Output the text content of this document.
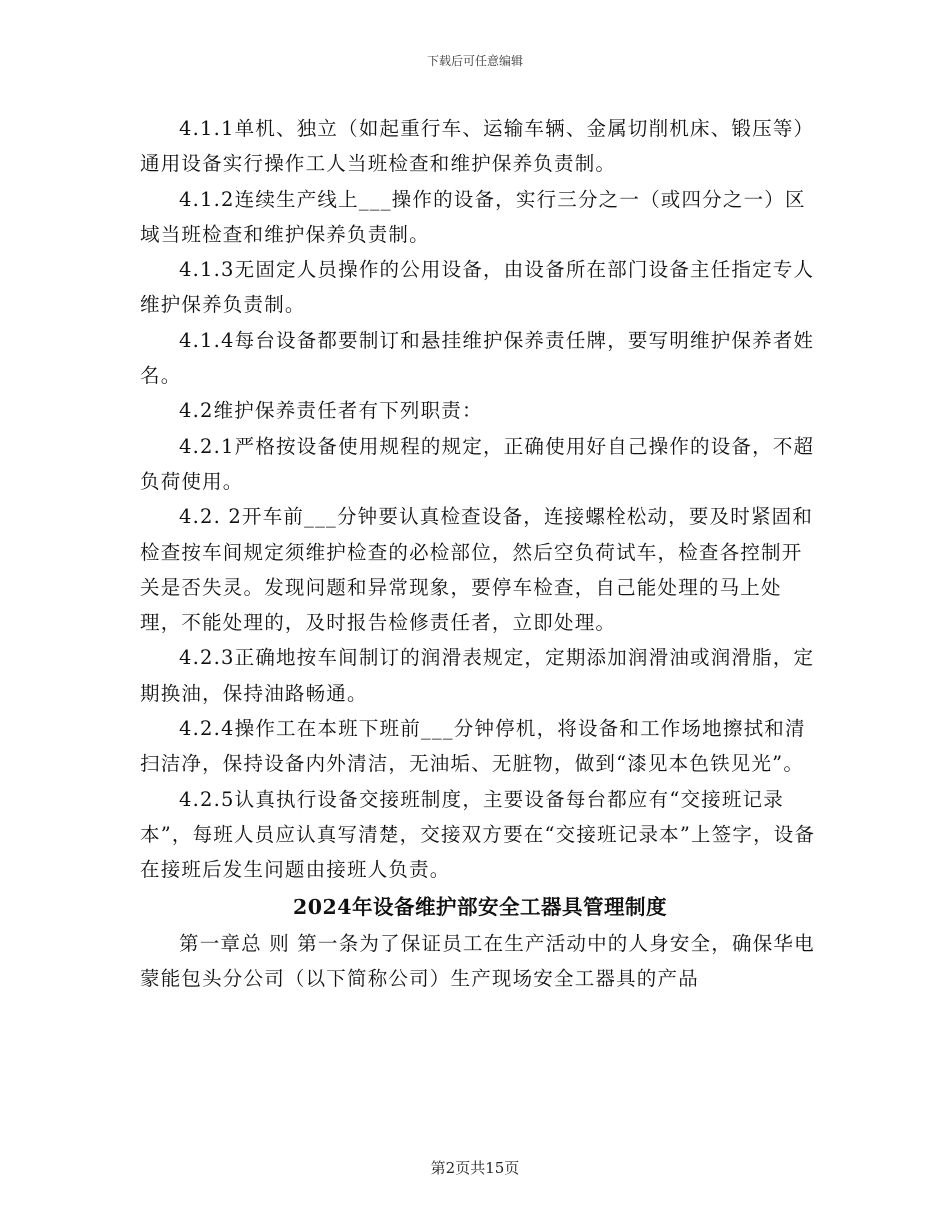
下载后可任意编辑

4.1.1单机、独立（如起重行车、运输车辆、金属切削机床、锻压等）通用设备实行操作工人当班检查和维护保养负责制。

4.1.2连续生产线上___操作的设备，实行三分之一（或四分之一）区域当班检查和维护保养负责制。

4.1.3无固定人员操作的公用设备，由设备所在部门设备主任指定专人维护保养负责制。

4.1.4每台设备都要制订和悬挂维护保养责任牌，要写明维护保养者姓名。

4.2维护保养责任者有下列职责：

4.2.1严格按设备使用规程的规定，正确使用好自己操作的设备，不超负荷使用。

4.2. 2开车前___分钟要认真检查设备，连接螺栓松动，要及时紧固和检查按车间规定须维护检查的必检部位，然后空负荷试车，检查各控制开关是否失灵。发现问题和异常现象，要停车检查，自己能处理的马上处理，不能处理的，及时报告检修责任者，立即处理。

4.2.3正确地按车间制订的润滑表规定，定期添加润滑油或润滑脂，定期换油，保持油路畅通。

4.2.4操作工在本班下班前___分钟停机，将设备和工作场地擦拭和清扫洁净，保持设备内外清洁，无油垢、无脏物，做到“漆见本色铁见光”。

4.2.5认真执行设备交接班制度，主要设备每台都应有“交接班记录本”，每班人员应认真写清楚，交接双方要在“交接班记录本”上签字，设备在接班后发生问题由接班人负责。

2024年设备维护部安全工器具管理制度

第一章总 则 第一条为了保证员工在生产活动中的人身安全，确保华电蒙能包头分公司（以下简称公司）生产现场安全工器具的产品

第2页共15页
